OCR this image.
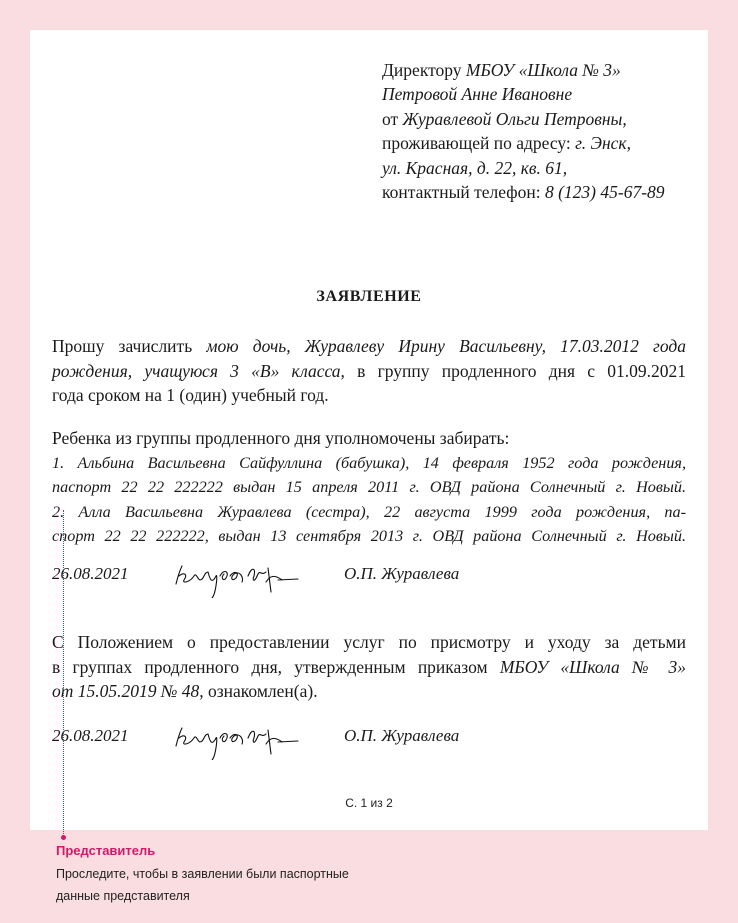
Директору МБОУ «Школа № 3»
Петровой Анне Ивановне
от Журавлевой Ольги Петровны,
проживающей по адресу: г. Энск,
ул. Красная, д. 22, кв. 61,
контактный телефон: 8 (123) 45-67-89
ЗАЯВЛЕНИЕ
Прошу зачислить мою дочь, Журавлеву Ирину Васильевну, 17.03.2012 года
рождения, учащуюся 3 «В» класса, в группу продленного дня с 01.09.2021
года сроком на 1 (один) учебный год.
Ребенка из группы продленного дня уполномочены забирать:
1. Альбина Васильевна Сайфуллина (бабушка), 14 февраля 1952 года рождения,
паспорт 22 22 222222 выдан 15 апреля 2011 г. ОВД района Солнечный г. Новый.
2. Алла Васильевна Журавлева (сестра), 22 августа 1999 года рождения, па-
спорт 22 22 222222, выдан 13 сентября 2013 г. ОВД района Солнечный г. Новый.
26.08.2021	О.П. Журавлева
С Положением о предоставлении услуг по присмотру и уходу за детьми
в группах продленного дня, утвержденным приказом МБОУ «Школа № 3»
от 15.05.2019 № 48, ознакомлен(а).
26.08.2021	О.П. Журавлева
С. 1 из 2
Представитель
Проследите, чтобы в заявлении были паспортные
данные представителя
